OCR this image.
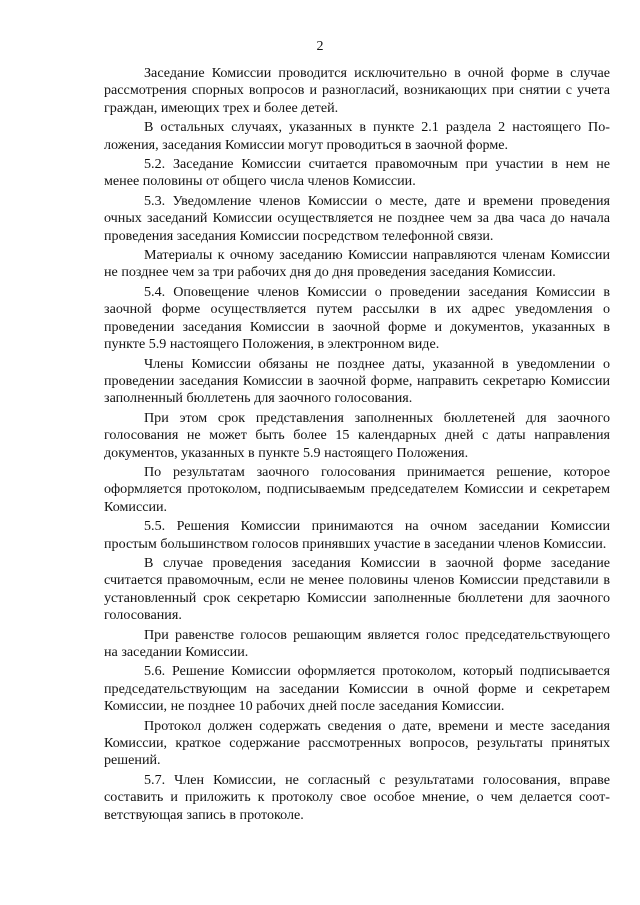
2

Заседание Комиссии проводится исключительно в очной форме в случае рассмотрения спорных вопросов и разногласий, возникающих при снятии с учета граждан, имеющих трех и более детей.

В остальных случаях, указанных в пункте 2.1 раздела 2 настоящего Положения, заседания Комиссии могут проводиться в заочной форме.

5.2. Заседание Комиссии считается правомочным при участии в нем не менее половины от общего числа членов Комиссии.

5.3. Уведомление членов Комиссии о месте, дате и времени проведения очных заседаний Комиссии осуществляется не позднее чем за два часа до начала проведения заседания Комиссии посредством телефонной связи.

Материалы к очному заседанию Комиссии направляются членам Комиссии не позднее чем за три рабочих дня до дня проведения заседания Комиссии.

5.4. Оповещение членов Комиссии о проведении заседания Комиссии в заочной форме осуществляется путем рассылки в их адрес уведомления о проведении заседания Комиссии в заочной форме и документов, указанных в пункте 5.9 настоящего Положения, в электронном виде.

Члены Комиссии обязаны не позднее даты, указанной в уведомлении о проведении заседания Комиссии в заочной форме, направить секретарю Комиссии заполненный бюллетень для заочного голосования.

При этом срок представления заполненных бюллетеней для заочного голосования не может быть более 15 календарных дней с даты направления документов, указанных в пункте 5.9 настоящего Положения.

По результатам заочного голосования принимается решение, которое оформляется протоколом, подписываемым председателем Комиссии и секретарем Комиссии.

5.5. Решения Комиссии принимаются на очном заседании Комиссии простым большинством голосов принявших участие в заседании членов Комиссии.

В случае проведения заседания Комиссии в заочной форме заседание считается правомочным, если не менее половины членов Комиссии представили в установленный срок секретарю Комиссии заполненные бюллетени для заочного голосования.

При равенстве голосов решающим является голос председательствующего на заседании Комиссии.

5.6. Решение Комиссии оформляется протоколом, который подписывается председательствующим на заседании Комиссии в очной форме и секретарем Комиссии, не позднее 10 рабочих дней после заседания Комиссии.

Протокол должен содержать сведения о дате, времени и месте заседания Комиссии, краткое содержание рассмотренных вопросов, результаты принятых решений.

5.7. Член Комиссии, не согласный с результатами голосования, вправе составить и приложить к протоколу свое особое мнение, о чем делается соответствующая запись в протоколе.
